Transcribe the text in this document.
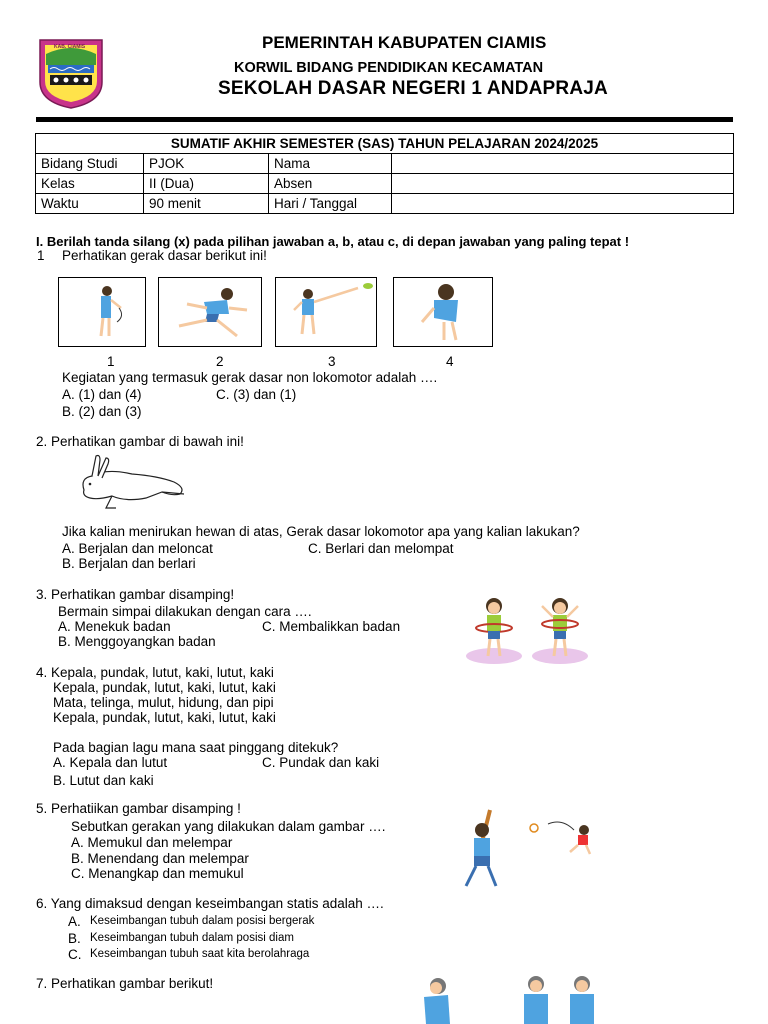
KAB. CIAMIS	PEMERINTAH KABUPATEN CIAMIS
KORWIL BIDANG PENDIDIKAN KECAMATAN
SEKOLAH DASAR NEGERI 1 ANDAPRAJA
SUMATIF AKHIR SEMESTER (SAS) TAHUN PELAJARAN 2024/2025			
Bidang Studi	PJOK	Nama	
Kelas	II (Dua)	Absen	
Waktu	90 menit	Hari / Tanggal	
I. Berilah tanda silang (x) pada pilihan jawaban a, b, atau c, di depan jawaban yang paling tepat !
1 Perhatikan gerak dasar berikut ini!
1	2	3	4
Kegiatan yang termasuk gerak dasar non lokomotor adalah ….
A. (1) dan (4)	C. (3) dan (1)
B. (2) dan (3)
2. Perhatikan gambar di bawah ini!
Jika kalian menirukan hewan di atas, Gerak dasar lokomotor apa yang kalian lakukan?
A. Berjalan dan meloncat	C. Berlari dan melompat
B. Berjalan dan berlari
3. Perhatikan gambar disamping!
Bermain simpai dilakukan dengan cara ….
A. Menekuk badan	C. Membalikkan badan
B. Menggoyangkan badan
4. Kepala, pundak, lutut, kaki, lutut, kaki
Kepala, pundak, lutut, kaki, lutut, kaki
Mata, telinga, mulut, hidung, dan pipi
Kepala, pundak, lutut, kaki, lutut, kaki
Pada bagian lagu mana saat pinggang ditekuk?
A. Kepala dan lutut	C. Pundak dan kaki
B. Lutut dan kaki
5. Perhatiikan gambar disamping !
Sebutkan gerakan yang dilakukan dalam gambar ….
A. Memukul dan melempar
B. Menendang dan melempar
C. Menangkap dan memukul
6. Yang dimaksud dengan keseimbangan statis adalah ….
A. Keseimbangan tubuh dalam posisi bergerak
B. Keseimbangan tubuh dalam posisi diam
C. Keseimbangan tubuh saat kita berolahraga
7. Perhatikan gambar berikut!
